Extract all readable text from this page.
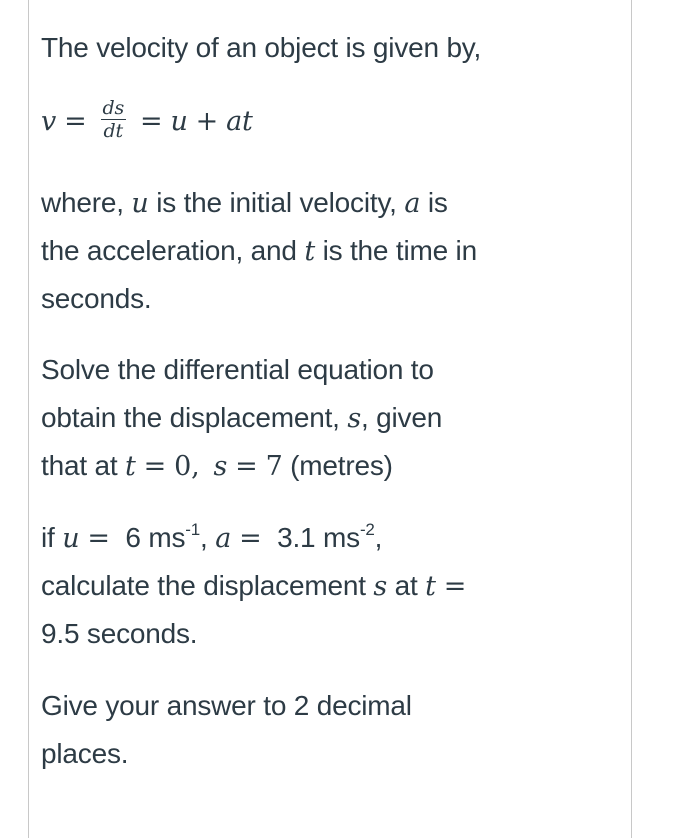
The velocity of an object is given by,
$v = \frac{ds}{dt} = u$ + at
where, u is the initial velocity, a is
the acceleration, and t is the time in
seconds.
Solve the differential equation to
obtain the displacement, s, given
that at t = 0, s = 7 (metres)
if u = 6 $ms^{-1}$, a = 3.1 $ms^{-2}$,
calculate the displacement s at t =
9.5 seconds.
Give your answer to 2 decimal
places.
